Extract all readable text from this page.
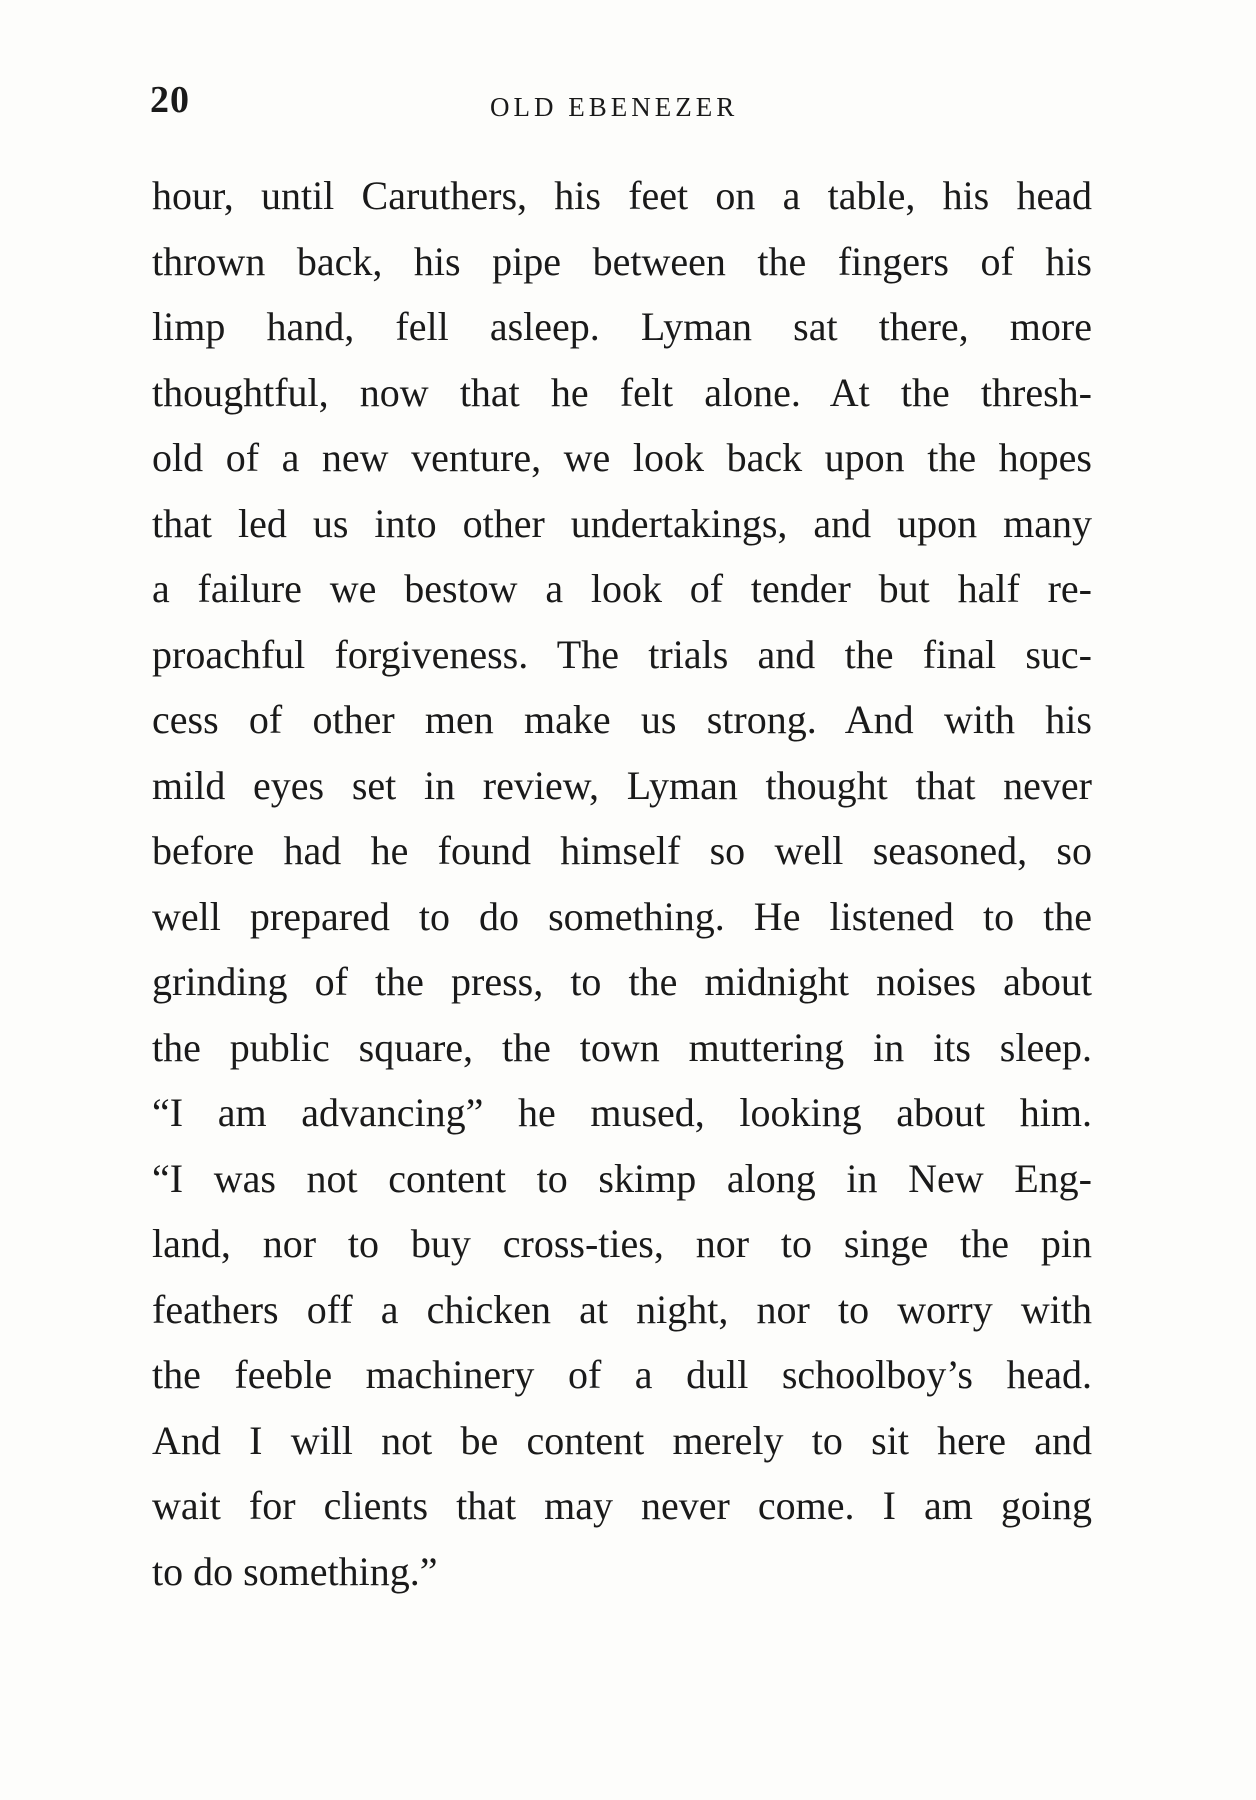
20	OLD EBENEZER
hour, until Caruthers, his feet on a table, his head
thrown back, his pipe between the fingers of his
limp hand, fell asleep. Lyman sat there, more
thoughtful, now that he felt alone. At the thresh-
old of a new venture, we look back upon the hopes
that led us into other undertakings, and upon many
a failure we bestow a look of tender but half re-
proachful forgiveness. The trials and the final suc-
cess of other men make us strong. And with his
mild eyes set in review, Lyman thought that never
before had he found himself so well seasoned, so
well prepared to do something. He listened to the
grinding of the press, to the midnight noises about
the public square, the town muttering in its sleep.
“I am advancing” he mused, looking about him.
“I was not content to skimp along in New Eng-
land, nor to buy cross-ties, nor to singe the pin
feathers off a chicken at night, nor to worry with
the feeble machinery of a dull schoolboy’s head.
And I will not be content merely to sit here and
wait for clients that may never come. I am going
to do something.”
